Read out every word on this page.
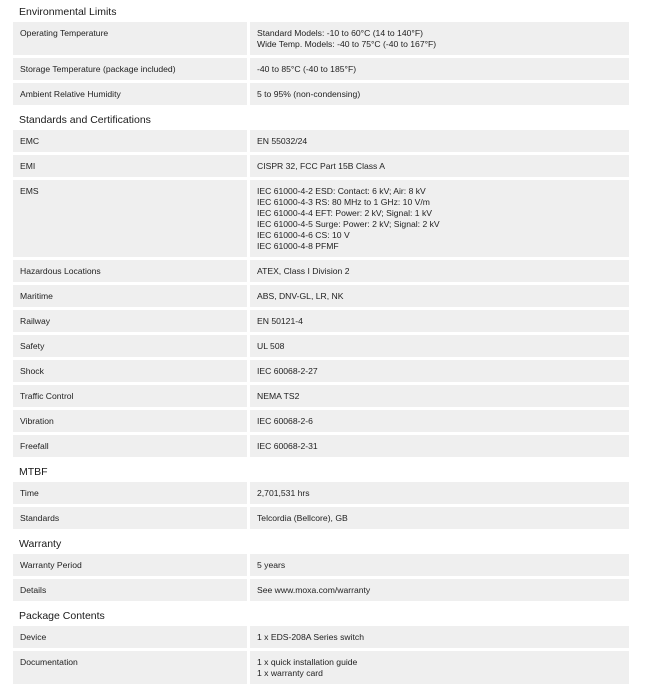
Environmental Limits
Operating Temperature	Standard Models: -10 to 60°C (14 to 140°F)
Wide Temp. Models: -40 to 75°C (-40 to 167°F)
Storage Temperature (package included)	-40 to 85°C (-40 to 185°F)
Ambient Relative Humidity	5 to 95% (non-condensing)
Standards and Certifications
EMC	EN 55032/24
EMI	CISPR 32, FCC Part 15B Class A
EMS	IEC 61000-4-2 ESD: Contact: 6 kV; Air: 8 kV
IEC 61000-4-3 RS: 80 MHz to 1 GHz: 10 V/m
IEC 61000-4-4 EFT: Power: 2 kV; Signal: 1 kV
IEC 61000-4-5 Surge: Power: 2 kV; Signal: 2 kV
IEC 61000-4-6 CS: 10 V
IEC 61000-4-8 PFMF
Hazardous Locations	ATEX, Class I Division 2
Maritime	ABS, DNV-GL, LR, NK
Railway	EN 50121-4
Safety	UL 508
Shock	IEC 60068-2-27
Traffic Control	NEMA TS2
Vibration	IEC 60068-2-6
Freefall	IEC 60068-2-31
MTBF
Time	2,701,531 hrs
Standards	Telcordia (Bellcore), GB
Warranty
Warranty Period	5 years
Details	See www.moxa.com/warranty
Package Contents
Device	1 x EDS-208A Series switch
Documentation	1 x quick installation guide
1 x warranty card
